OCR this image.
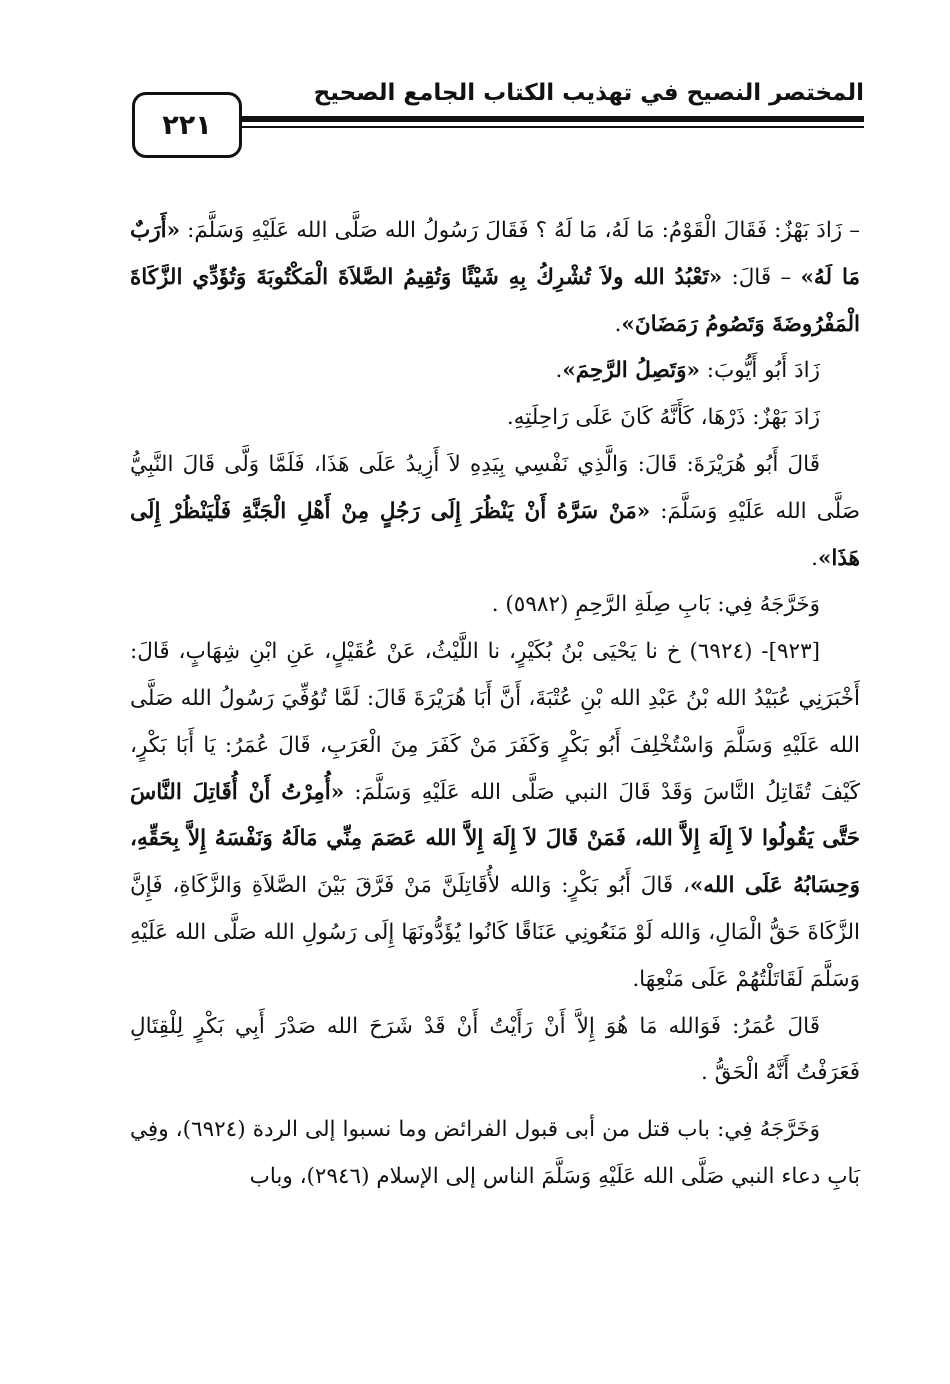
المختصر النصيح في تهذيب الكتاب الجامع الصحيح
٢٢١

– زَادَ بَهْزٌ: فَقَالَ الْقَوْمُ: مَا لَهُ، مَا لَهُ ؟ فَقَالَ رَسُولُ الله صَلَّى الله عَلَيْهِ وَسَلَّمَ: «أَرَبٌ مَا لَهُ» – قَالَ: «تَعْبُدُ الله ولاَ تُشْرِكُ بِهِ شَيْئًا وَتُقِيمُ الصَّلاَةَ الْمَكْتُوبَةَ وَتُؤَدِّي الزَّكَاةَ الْمَفْرُوضَةَ وَتَصُومُ رَمَضَانَ».

زَادَ أَبُو أَيُّوبَ: «وَتَصِلُ الرَّحِمَ».

زَادَ بَهْزٌ: ذَرْهَا، كَأَنَّهُ كَانَ عَلَى رَاحِلَتِهِ.

قَالَ أَبُو هُرَيْرَةَ: قَالَ: وَالَّذِي نَفْسِي بِيَدِهِ لاَ أَزِيدُ عَلَى هَذَا، فَلَمَّا وَلَّى قَالَ النَّبِيُّ صَلَّى الله عَلَيْهِ وَسَلَّمَ: «مَنْ سَرَّهُ أَنْ يَنْظُرَ إِلَى رَجُلٍ مِنْ أَهْلِ الْجَنَّةِ فَلْيَنْظُرْ إِلَى هَذَا».

وَخَرَّجَهُ فِي: بَابِ صِلَةِ الرَّحِمِ (٥٩٨٢) .

[٩٢٣]- (٦٩٢٤) خ نا يَحْيَى بْنُ بُكَيْرٍ، نا اللَّيْثُ، عَنْ عُقَيْلٍ، عَنِ ابْنِ شِهَابٍ، قَالَ: أَخْبَرَنِي عُبَيْدُ الله بْنُ عَبْدِ الله بْنِ عُتْبَةَ، أَنَّ أَبَا هُرَيْرَةَ قَالَ: لَمَّا تُوُفِّيَ رَسُولُ الله صَلَّى الله عَلَيْهِ وَسَلَّمَ وَاسْتُخْلِفَ أَبُو بَكْرٍ وَكَفَرَ مَنْ كَفَرَ مِنَ الْعَرَبِ، قَالَ عُمَرُ: يَا أَبَا بَكْرٍ، كَيْفَ تُقَاتِلُ النَّاسَ وَقَدْ قَالَ النبي صَلَّى الله عَلَيْهِ وَسَلَّمَ: «أُمِرْتُ أَنْ أُقَاتِلَ النَّاسَ حَتَّى يَقُولُوا لاَ إِلَهَ إِلاَّ الله، فَمَنْ قَالَ لاَ إِلَهَ إِلاَّ الله عَصَمَ مِنِّي مَالَهُ وَنَفْسَهُ إِلاَّ بِحَقِّهِ، وَحِسَابُهُ عَلَى الله»، قَالَ أَبُو بَكْرٍ: وَالله لأُقَاتِلَنَّ مَنْ فَرَّقَ بَيْنَ الصَّلاَةِ وَالزَّكَاةِ، فَإِنَّ الزَّكَاةَ حَقُّ الْمَالِ، وَالله لَوْ مَنَعُونِي عَنَاقًا كَانُوا يُؤَدُّونَهَا إِلَى رَسُولِ الله صَلَّى الله عَلَيْهِ وَسَلَّمَ لَقَاتَلْتُهُمْ عَلَى مَنْعِهَا.

قَالَ عُمَرُ: فَوَالله مَا هُوَ إِلاَّ أَنْ رَأَيْتُ أَنْ قَدْ شَرَحَ الله صَدْرَ أَبِي بَكْرٍ لِلْقِتَالِ فَعَرَفْتُ أَنَّهُ الْحَقُّ .

وَخَرَّجَهُ فِي: باب قتل من أبى قبول الفرائض وما نسبوا إلى الردة (٦٩٢٤)، وفِي بَابِ دعاء النبي صَلَّى الله عَلَيْهِ وَسَلَّمَ الناس إلى الإسلام (٢٩٤٦)، وباب
